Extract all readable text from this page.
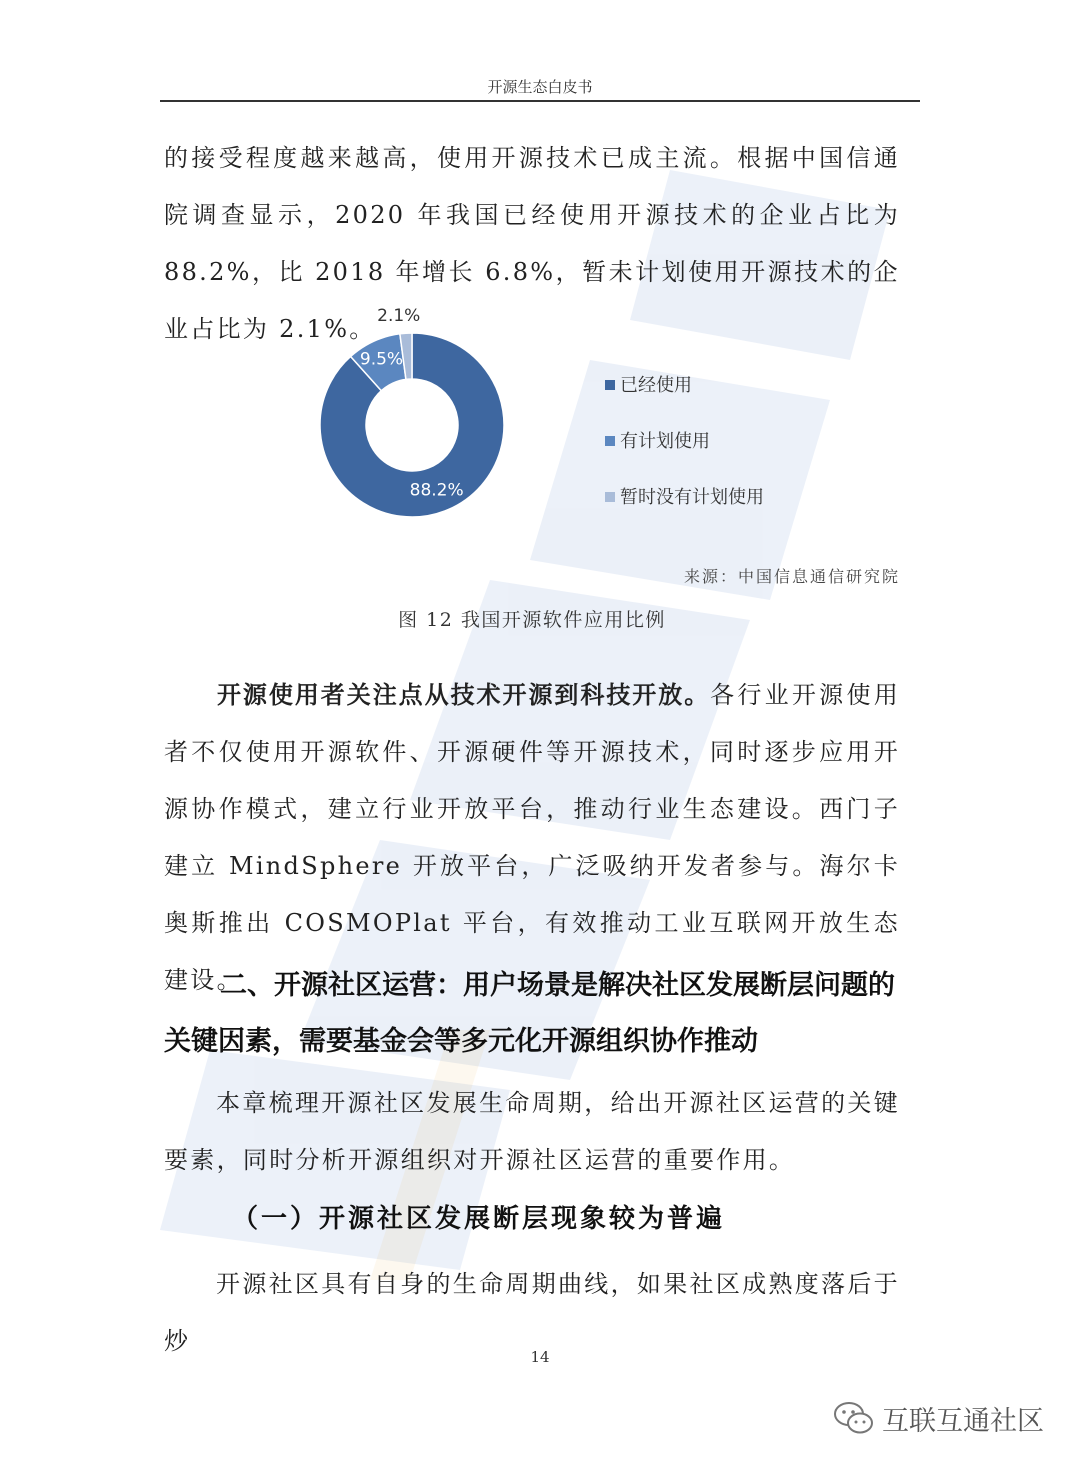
开源生态白皮书
的接受程度越来越高，使用开源技术已成主流。根据中国信通院调查显示，2020 年我国已经使用开源技术的企业占比为 88.2%，比 2018 年增长 6.8%，暂未计划使用开源技术的企业占比为 2.1%。
88.2%
9.5%
2.1%
已经使用
有计划使用
暂时没有计划使用
来源：中国信息通信研究院
图 12 我国开源软件应用比例
开源使用者关注点从技术开源到科技开放。各行业开源使用者不仅使用开源软件、开源硬件等开源技术，同时逐步应用开源协作模式，建立行业开放平台，推动行业生态建设。西门子建立 MindSphere 开放平台，广泛吸纳开发者参与。海尔卡奥斯推出 COSMOPlat 平台，有效推动工业互联网开放生态建设。
二、开源社区运营：用户场景是解决社区发展断层问题的关键因素，需要基金会等多元化开源组织协作推动
本章梳理开源社区发展生命周期，给出开源社区运营的关键要素，同时分析开源组织对开源社区运营的重要作用。
（一）开源社区发展断层现象较为普遍
开源社区具有自身的生命周期曲线，如果社区成熟度落后于炒
14
互联互通社区
